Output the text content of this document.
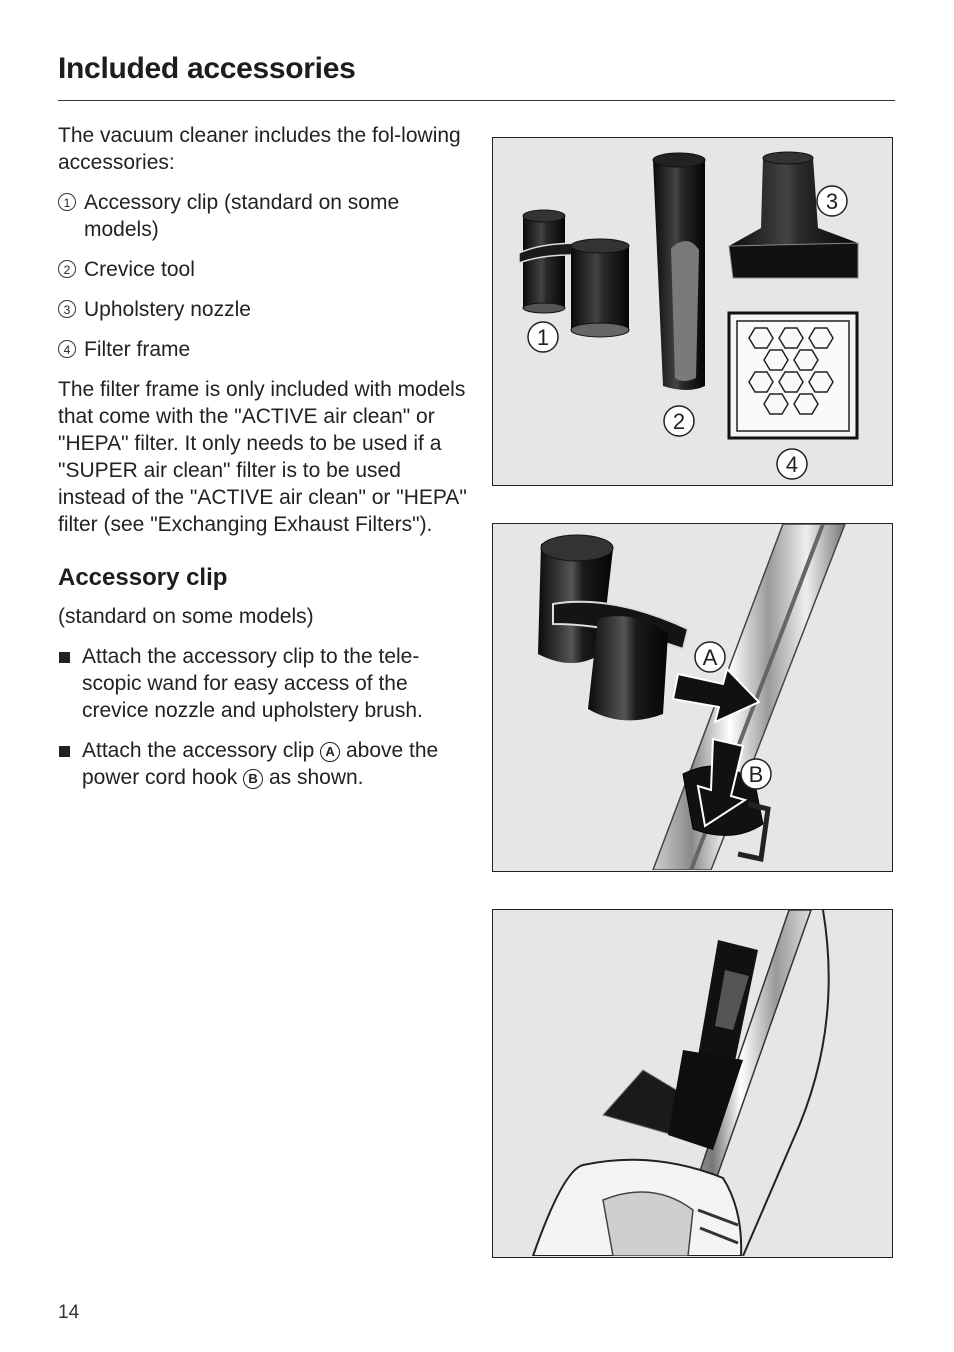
Included accessories

The vacuum cleaner includes the fol-lowing accessories:

1 Accessory clip (standard on some models)
2 Crevice tool
3 Upholstery nozzle
4 Filter frame

The filter frame is only included with models that come with the "ACTIVE air clean" or "HEPA" filter. It only needs to be used if a "SUPER air clean" filter is to be used instead of the "ACTIVE air clean" or "HEPA" filter (see "Exchanging Exhaust Filters").

Accessory clip

(standard on some models)

Attach the accessory clip to the tele-scopic wand for easy access of the crevice nozzle and upholstery brush.
Attach the accessory clip A above the power cord hook B as shown.
1
2
3
4
A
B
14
